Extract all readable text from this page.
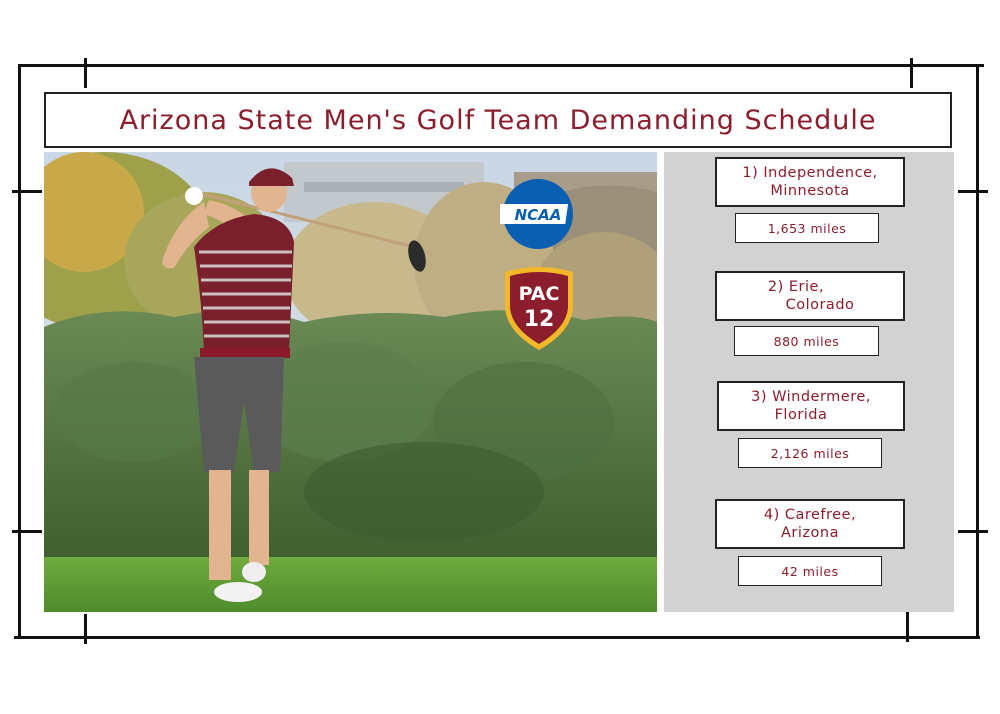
Arizona State Men's Golf Team Demanding Schedule
NCAA
PAC
12
1) Independence,
Minnesota
1,653 miles
2) Erie,
Colorado
880 miles
3) Windermere,
Florida
2,126 miles
4) Carefree,
Arizona
42 miles
